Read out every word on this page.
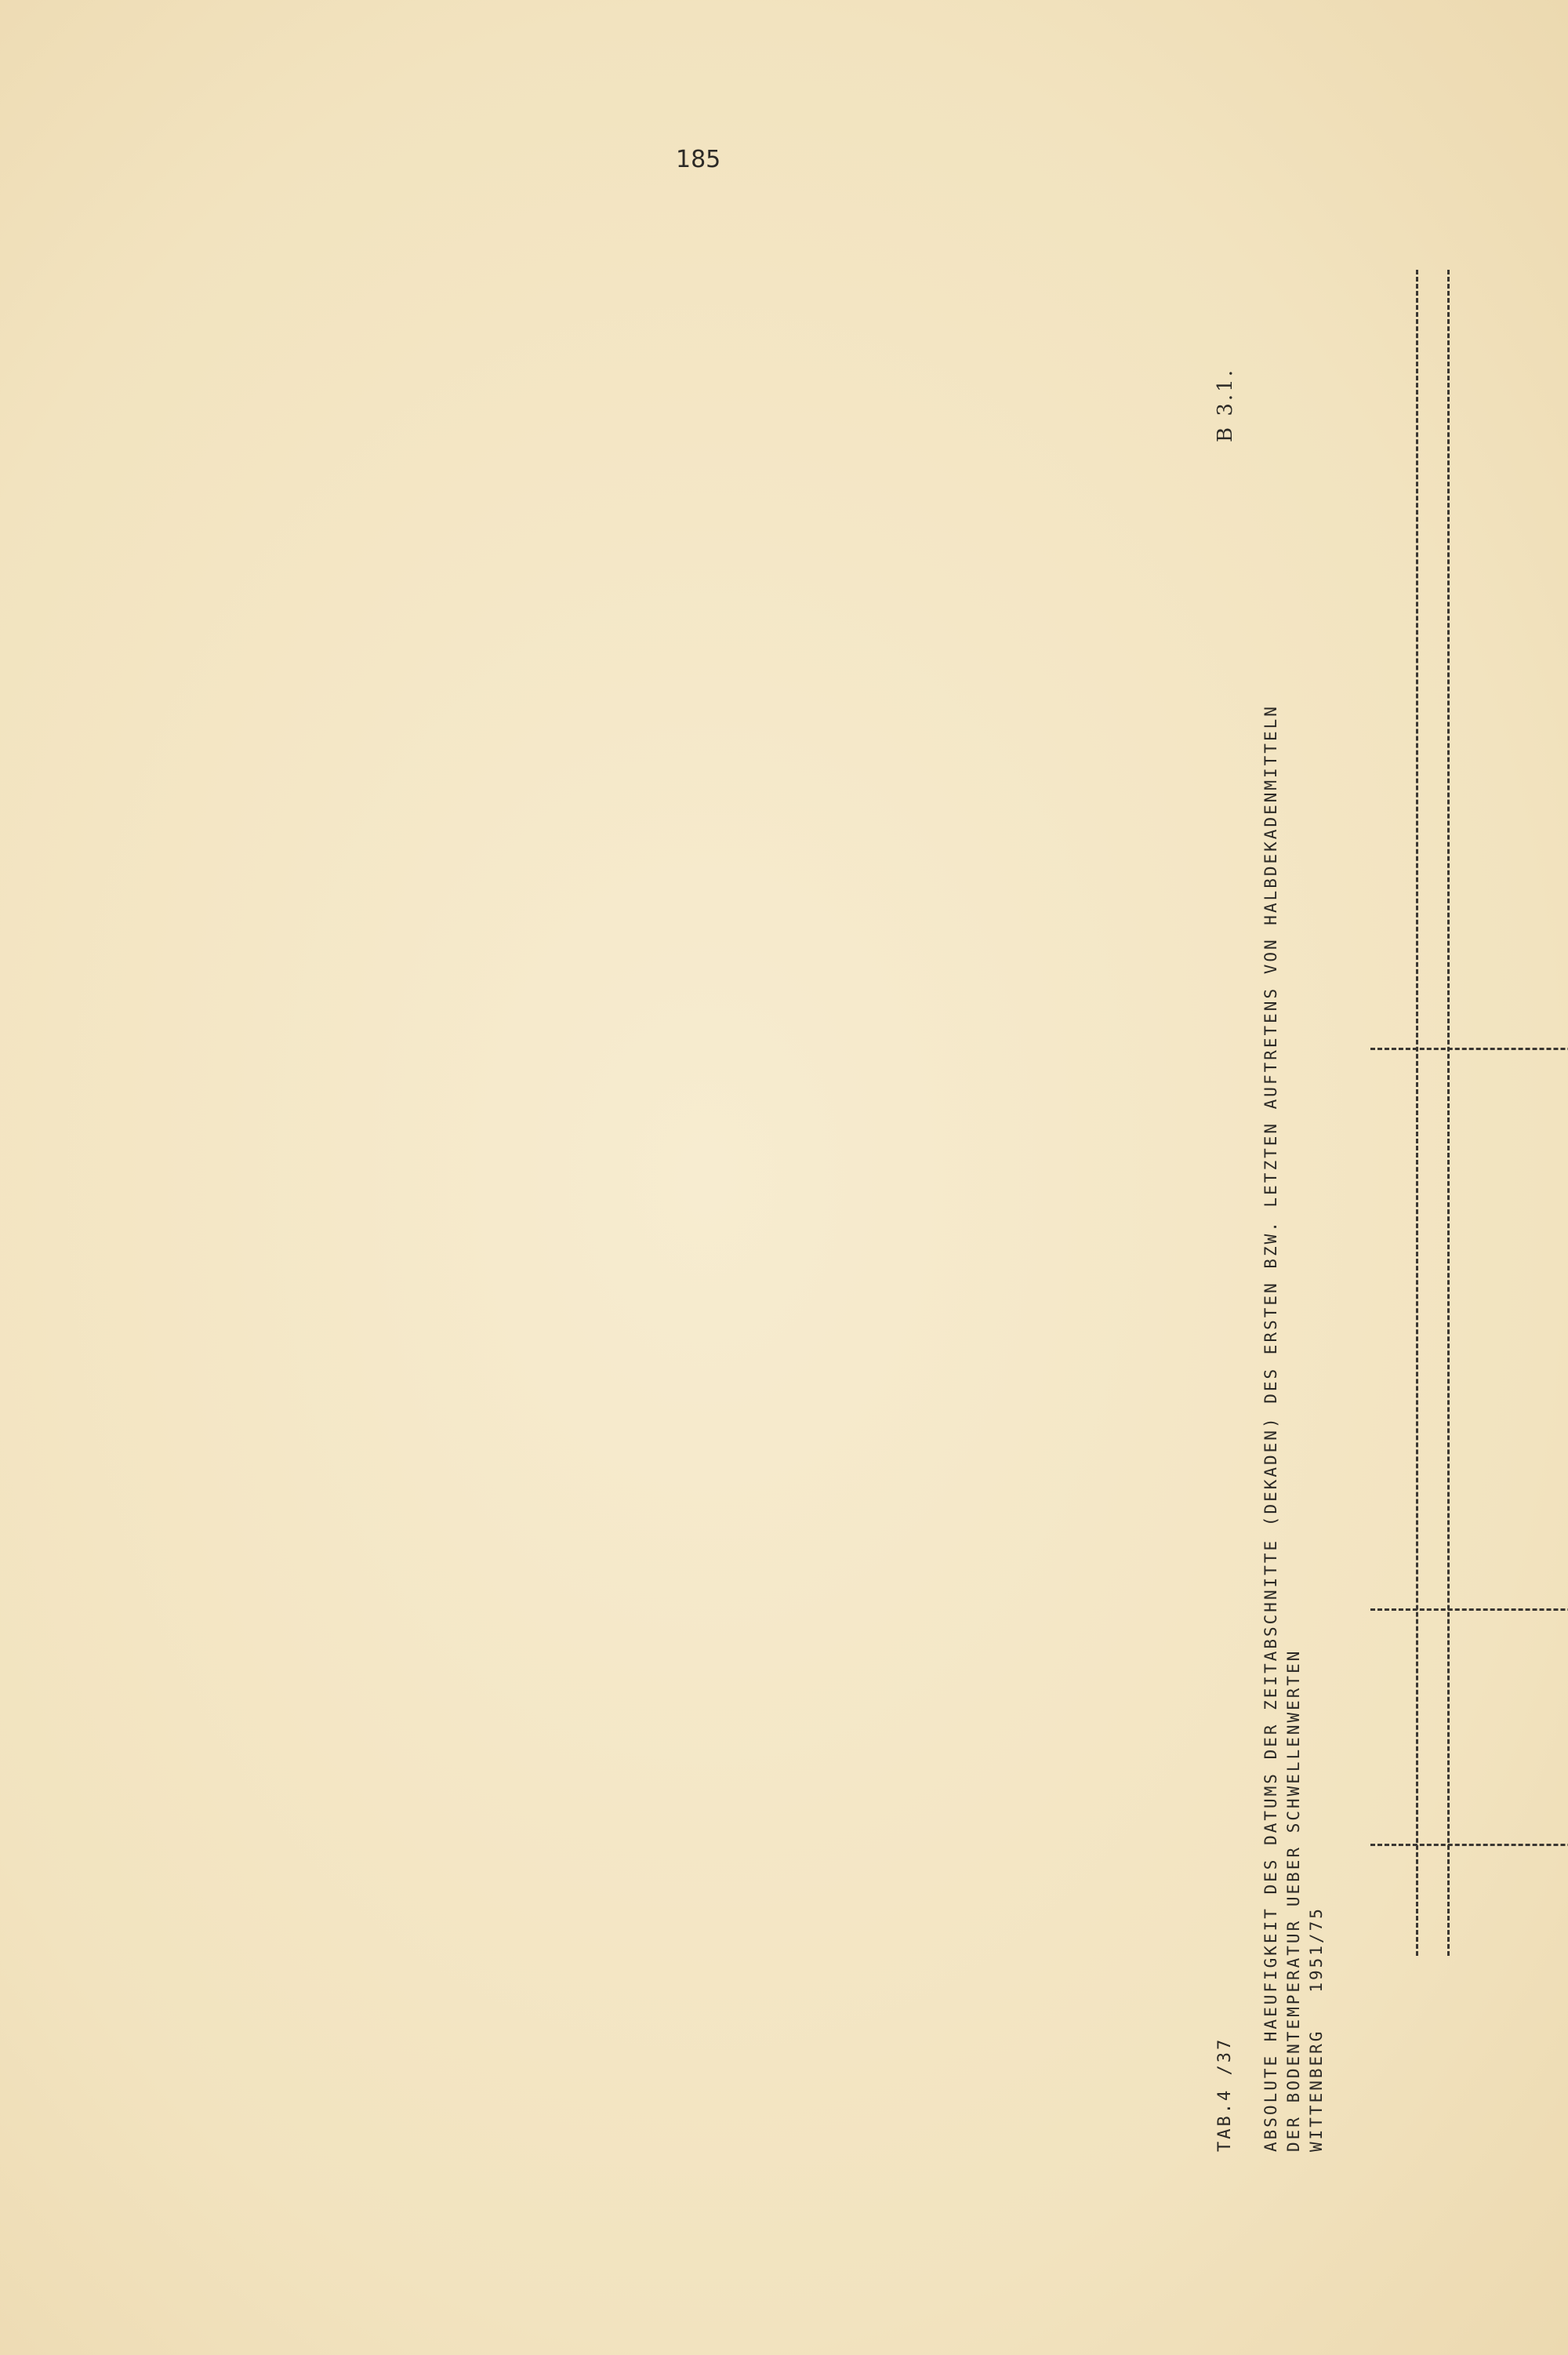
185
TAB.4 /37
B 3.1.
ABSOLUTE HAEUFIGKEIT DES DATUMS DER ZEITABSCHNITTE (DEKADEN) DES ERSTEN BZW. LETZTEN AUFTRETENS VON HALBDEKADENMITTELN DER BODENTEMPERATUR UEBER SCHWELLENWERTEN WITTENBERG   1951/75
